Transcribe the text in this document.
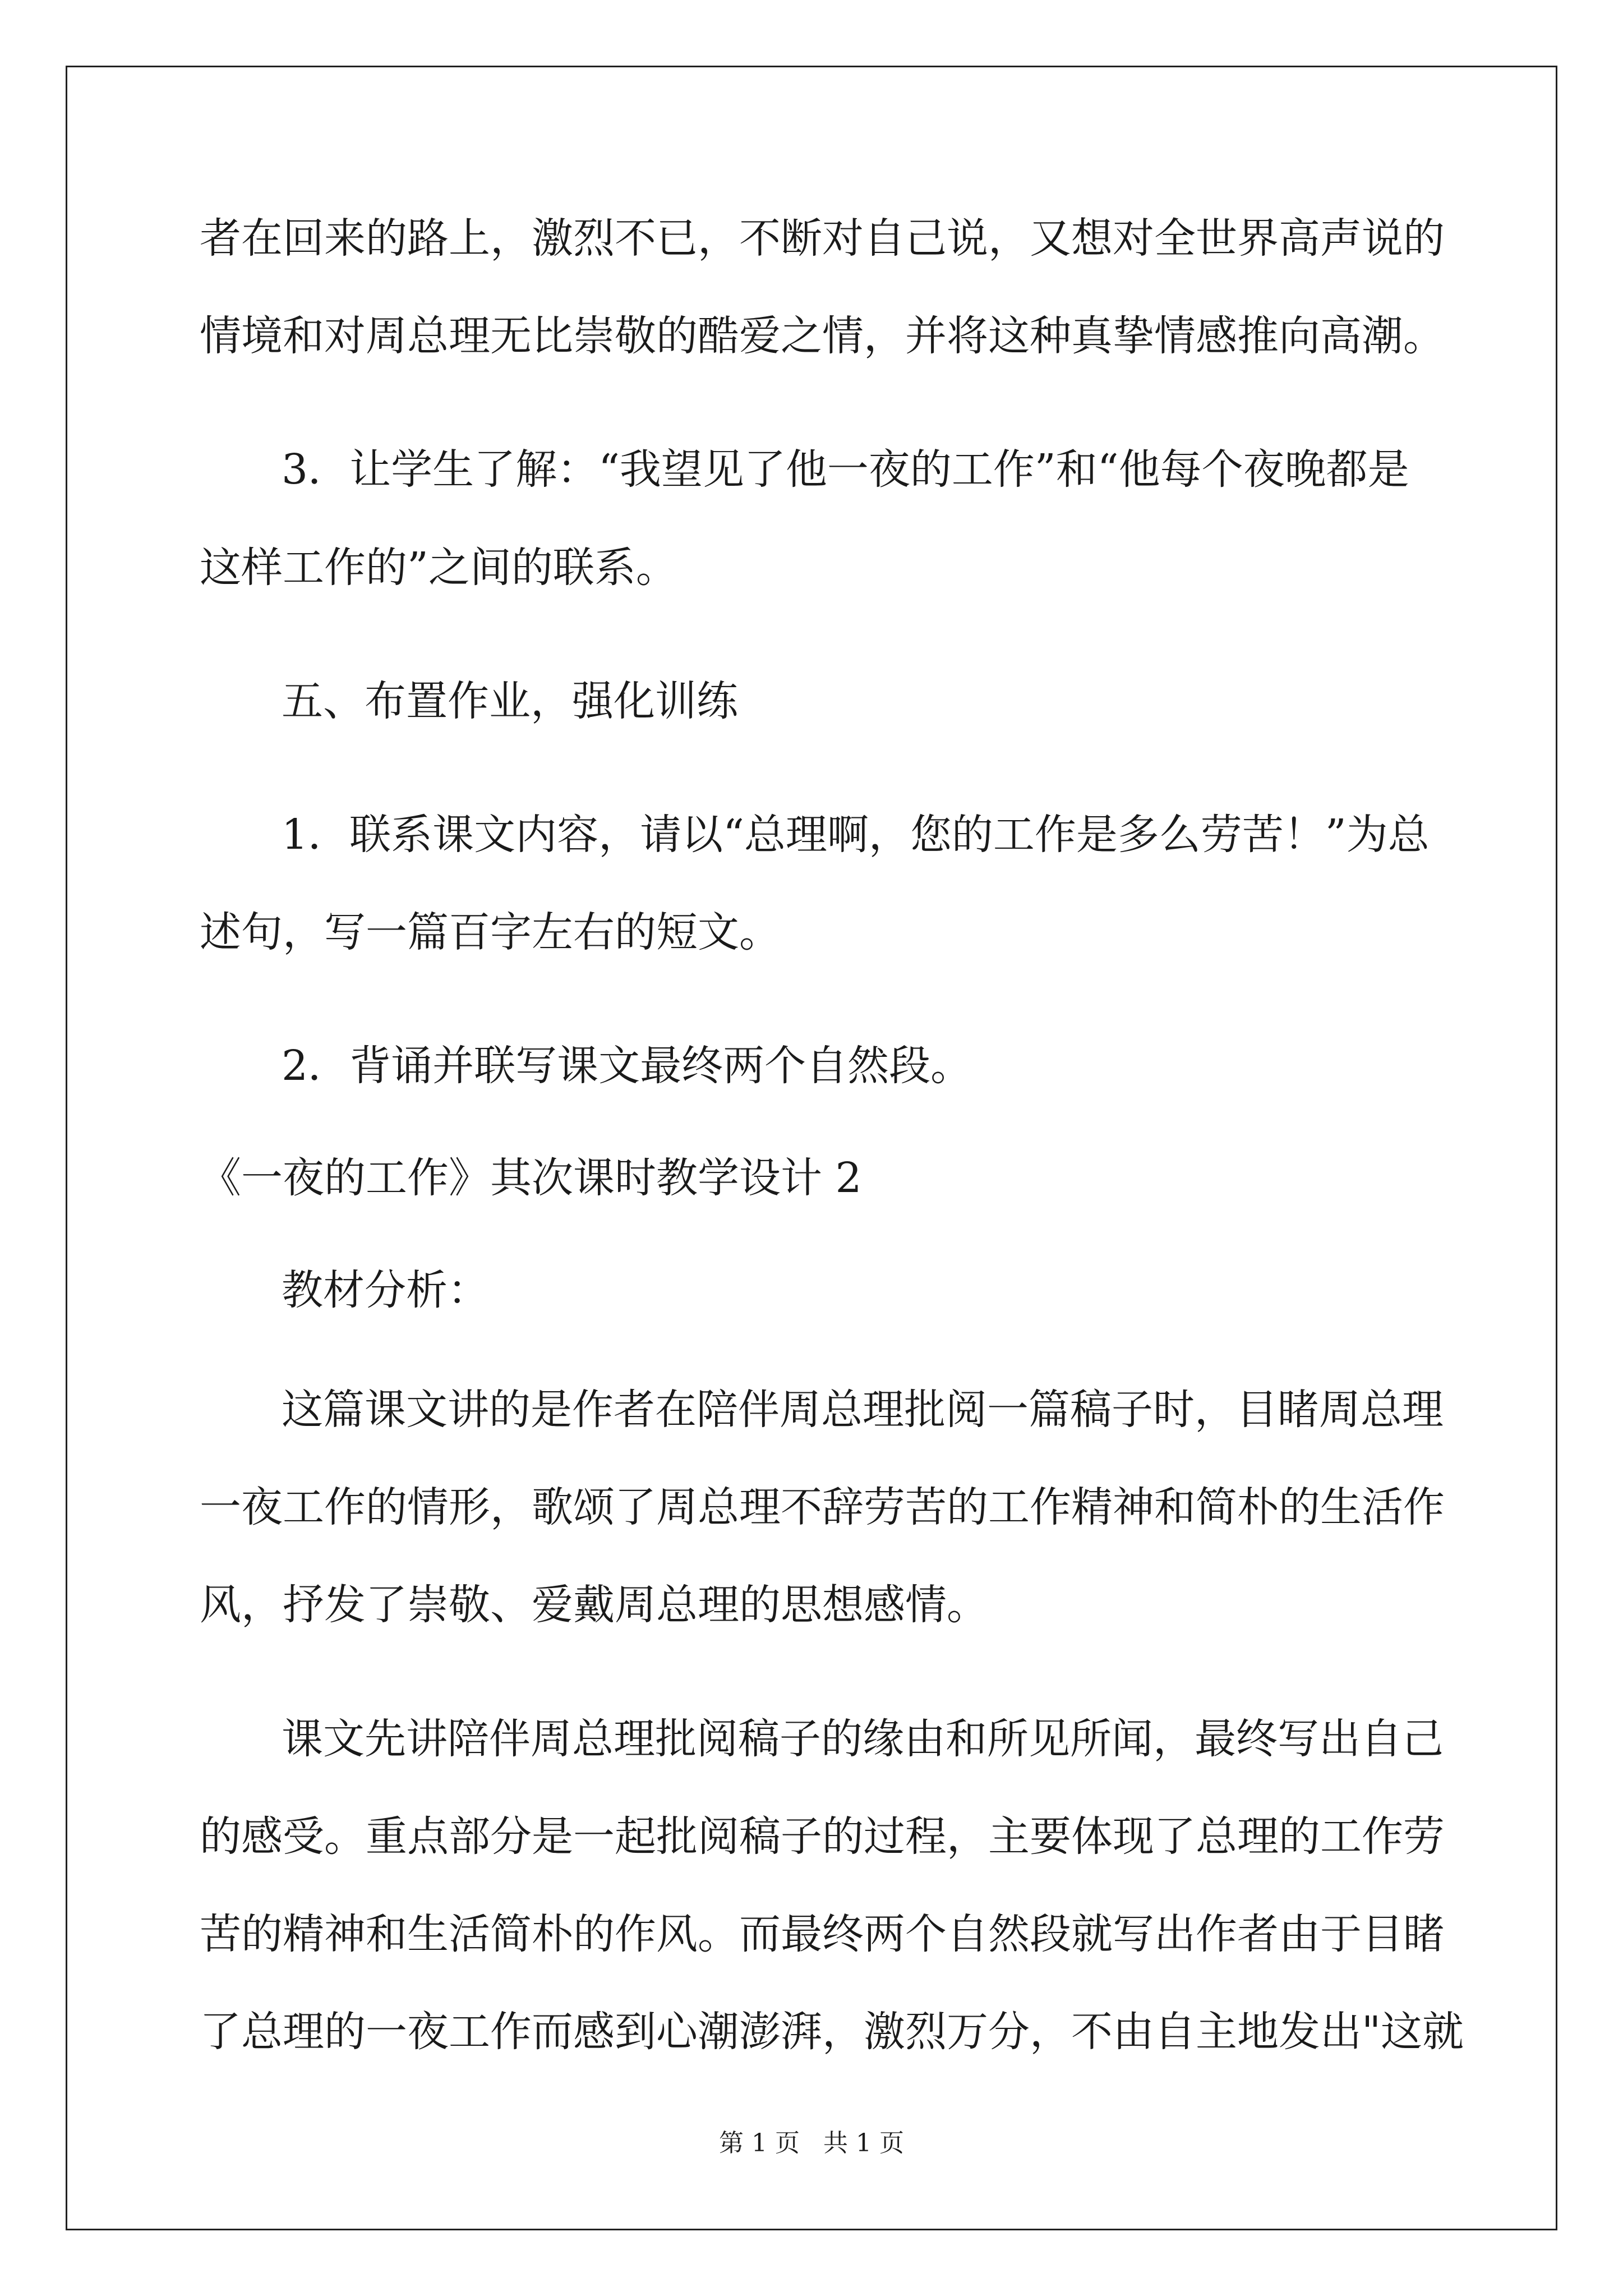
者在回来的路上，激烈不已，不断对自己说，又想对全世界高声说的
情境和对周总理无比崇敬的酷爱之情，并将这种真挚情感推向高潮。
3．让学生了解：“我望见了他一夜的工作”和“他每个夜晚都是
这样工作的”之间的联系。
五、布置作业，强化训练
1．联系课文内容，请以“总理啊，您的工作是多么劳苦！”为总
述句，写一篇百字左右的短文。
2．背诵并联写课文最终两个自然段。
《一夜的工作》其次课时教学设计 2
教材分析：
这篇课文讲的是作者在陪伴周总理批阅一篇稿子时，目睹周总理
一夜工作的情形，歌颂了周总理不辞劳苦的工作精神和简朴的生活作
风，抒发了崇敬、爱戴周总理的思想感情。
课文先讲陪伴周总理批阅稿子的缘由和所见所闻，最终写出自己
的感受。重点部分是一起批阅稿子的过程，主要体现了总理的工作劳
苦的精神和生活简朴的作风。而最终两个自然段就写出作者由于目睹
了总理的一夜工作而感到心潮澎湃，激烈万分，不由自主地发出"这就
第 1 页 共 1 页
